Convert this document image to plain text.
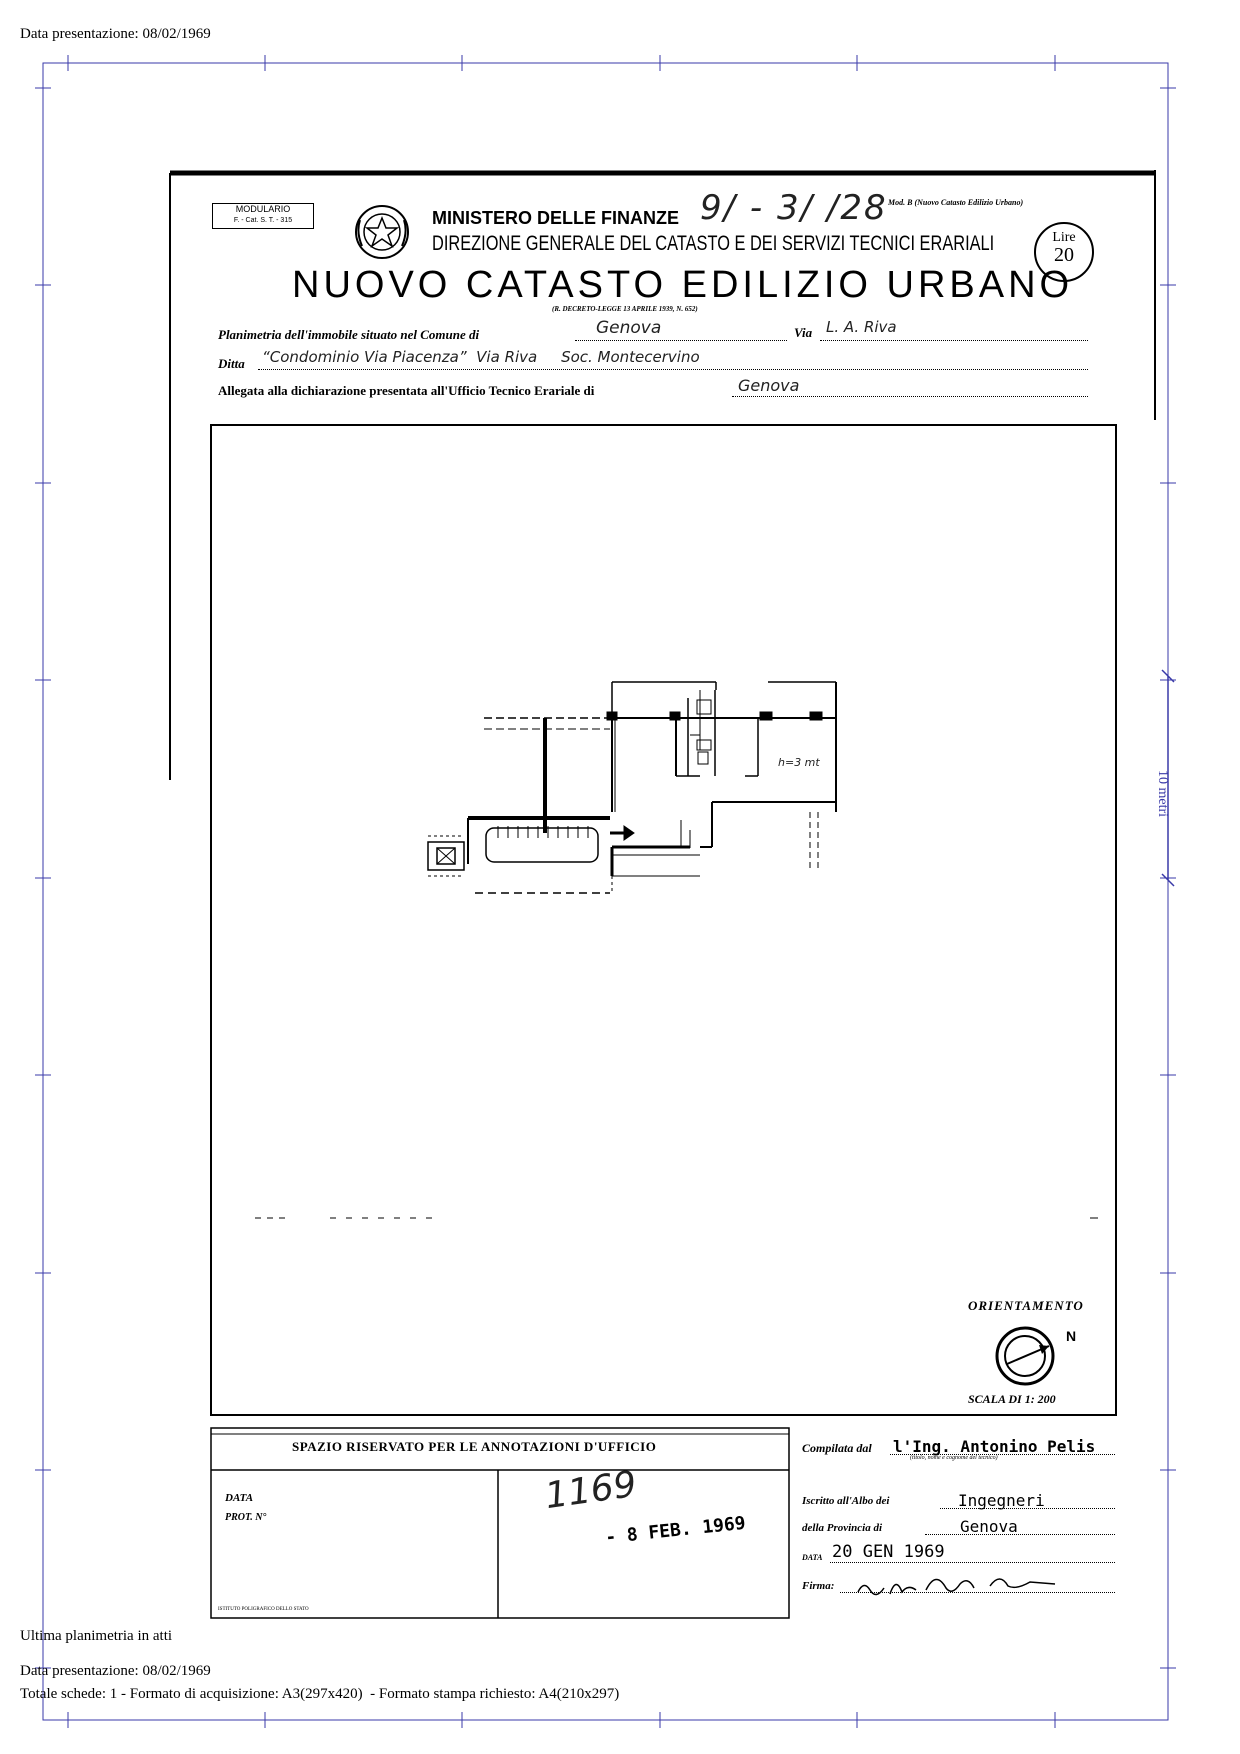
Data presentazione: 08/02/1969
10 metri
MODULARIO
F. - Cat. S. T. - 315	MINISTERO DELLE FINANZE 9/ - 3/ /28 Mod. B (Nuovo Catasto Edilizio Urbano)
DIREZIONE GENERALE DEL CATASTO E DEI SERVIZI TECNICI ERARIALI	Lire
20
NUOVO CATASTO EDILIZIO URBANO
(R. DECRETO-LEGGE 13 APRILE 1939, N. 652)
Planimetria dell'immobile situato nel Comune di	Genova	Via L. A. Riva
Ditta “Condominio Via Piacenza”  Via Riva     Soc. Montecervino
Allegata alla dichiarazione presentata all'Ufficio Tecnico Erariale di	Genova
h=3 mt
ORIENTAMENTO
N
SCALA DI 1: 200
SPAZIO RISERVATO PER LE ANNOTAZIONI D'UFFICIO
DATA
PROT. N°
1169
- 8 FEB. 1969
ISTITUTO POLIGRAFICO DELLO STATO
Compilata dal l'Ing. Antonino Pelis
(titolo, nome e cognome del tecnico)
Iscritto all'Albo dei	Ingegneri
della Provincia di	Genova
DATA 20 GEN 1969
Firma:
Ultima planimetria in atti
Data presentazione: 08/02/1969
Totale schede: 1 - Formato di acquisizione: A3(297x420)  - Formato stampa richiesto: A4(210x297)
